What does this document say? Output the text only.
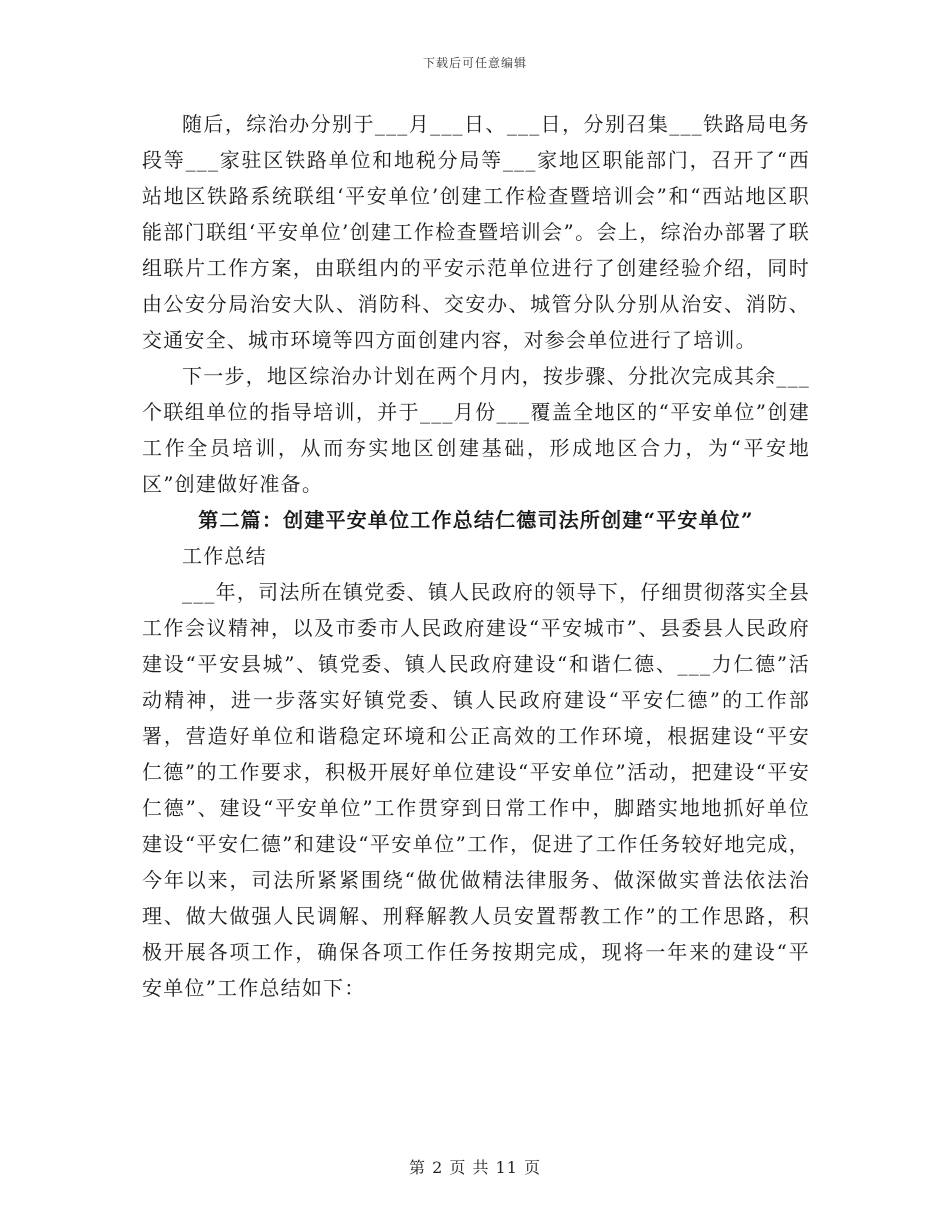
下载后可任意编辑

随后，综治办分别于___月___日、___日，分别召集___铁路局电务段等___家驻区铁路单位和地税分局等___家地区职能部门，召开了“西站地区铁路系统联组‘平安单位’创建工作检查暨培训会”和“西站地区职能部门联组‘平安单位’创建工作检查暨培训会”。会上，综治办部署了联组联片工作方案，由联组内的平安示范单位进行了创建经验介绍，同时由公安分局治安大队、消防科、交安办、城管分队分别从治安、消防、交通安全、城市环境等四方面创建内容，对参会单位进行了培训。

下一步，地区综治办计划在两个月内，按步骤、分批次完成其余___个联组单位的指导培训，并于___月份___覆盖全地区的“平安单位”创建工作全员培训，从而夯实地区创建基础，形成地区合力，为“平安地区”创建做好准备。

第二篇：创建平安单位工作总结仁德司法所创建“平安单位”

工作总结

___年，司法所在镇党委、镇人民政府的领导下，仔细贯彻落实全县工作会议精神，以及市委市人民政府建设“平安城市”、县委县人民政府建设“平安县城”、镇党委、镇人民政府建设“和谐仁德、___力仁德”活动精神，进一步落实好镇党委、镇人民政府建设“平安仁德”的工作部署，营造好单位和谐稳定环境和公正高效的工作环境，根据建设“平安仁德”的工作要求，积极开展好单位建设“平安单位”活动，把建设“平安仁德”、建设“平安单位”工作贯穿到日常工作中，脚踏实地地抓好单位建设“平安仁德”和建设“平安单位”工作，促进了工作任务较好地完成，今年以来，司法所紧紧围绕“做优做精法律服务、做深做实普法依法治理、做大做强人民调解、刑释解教人员安置帮教工作”的工作思路，积极开展各项工作，确保各项工作任务按期完成，现将一年来的建设“平安单位”工作总结如下：

第 2 页 共 11 页
